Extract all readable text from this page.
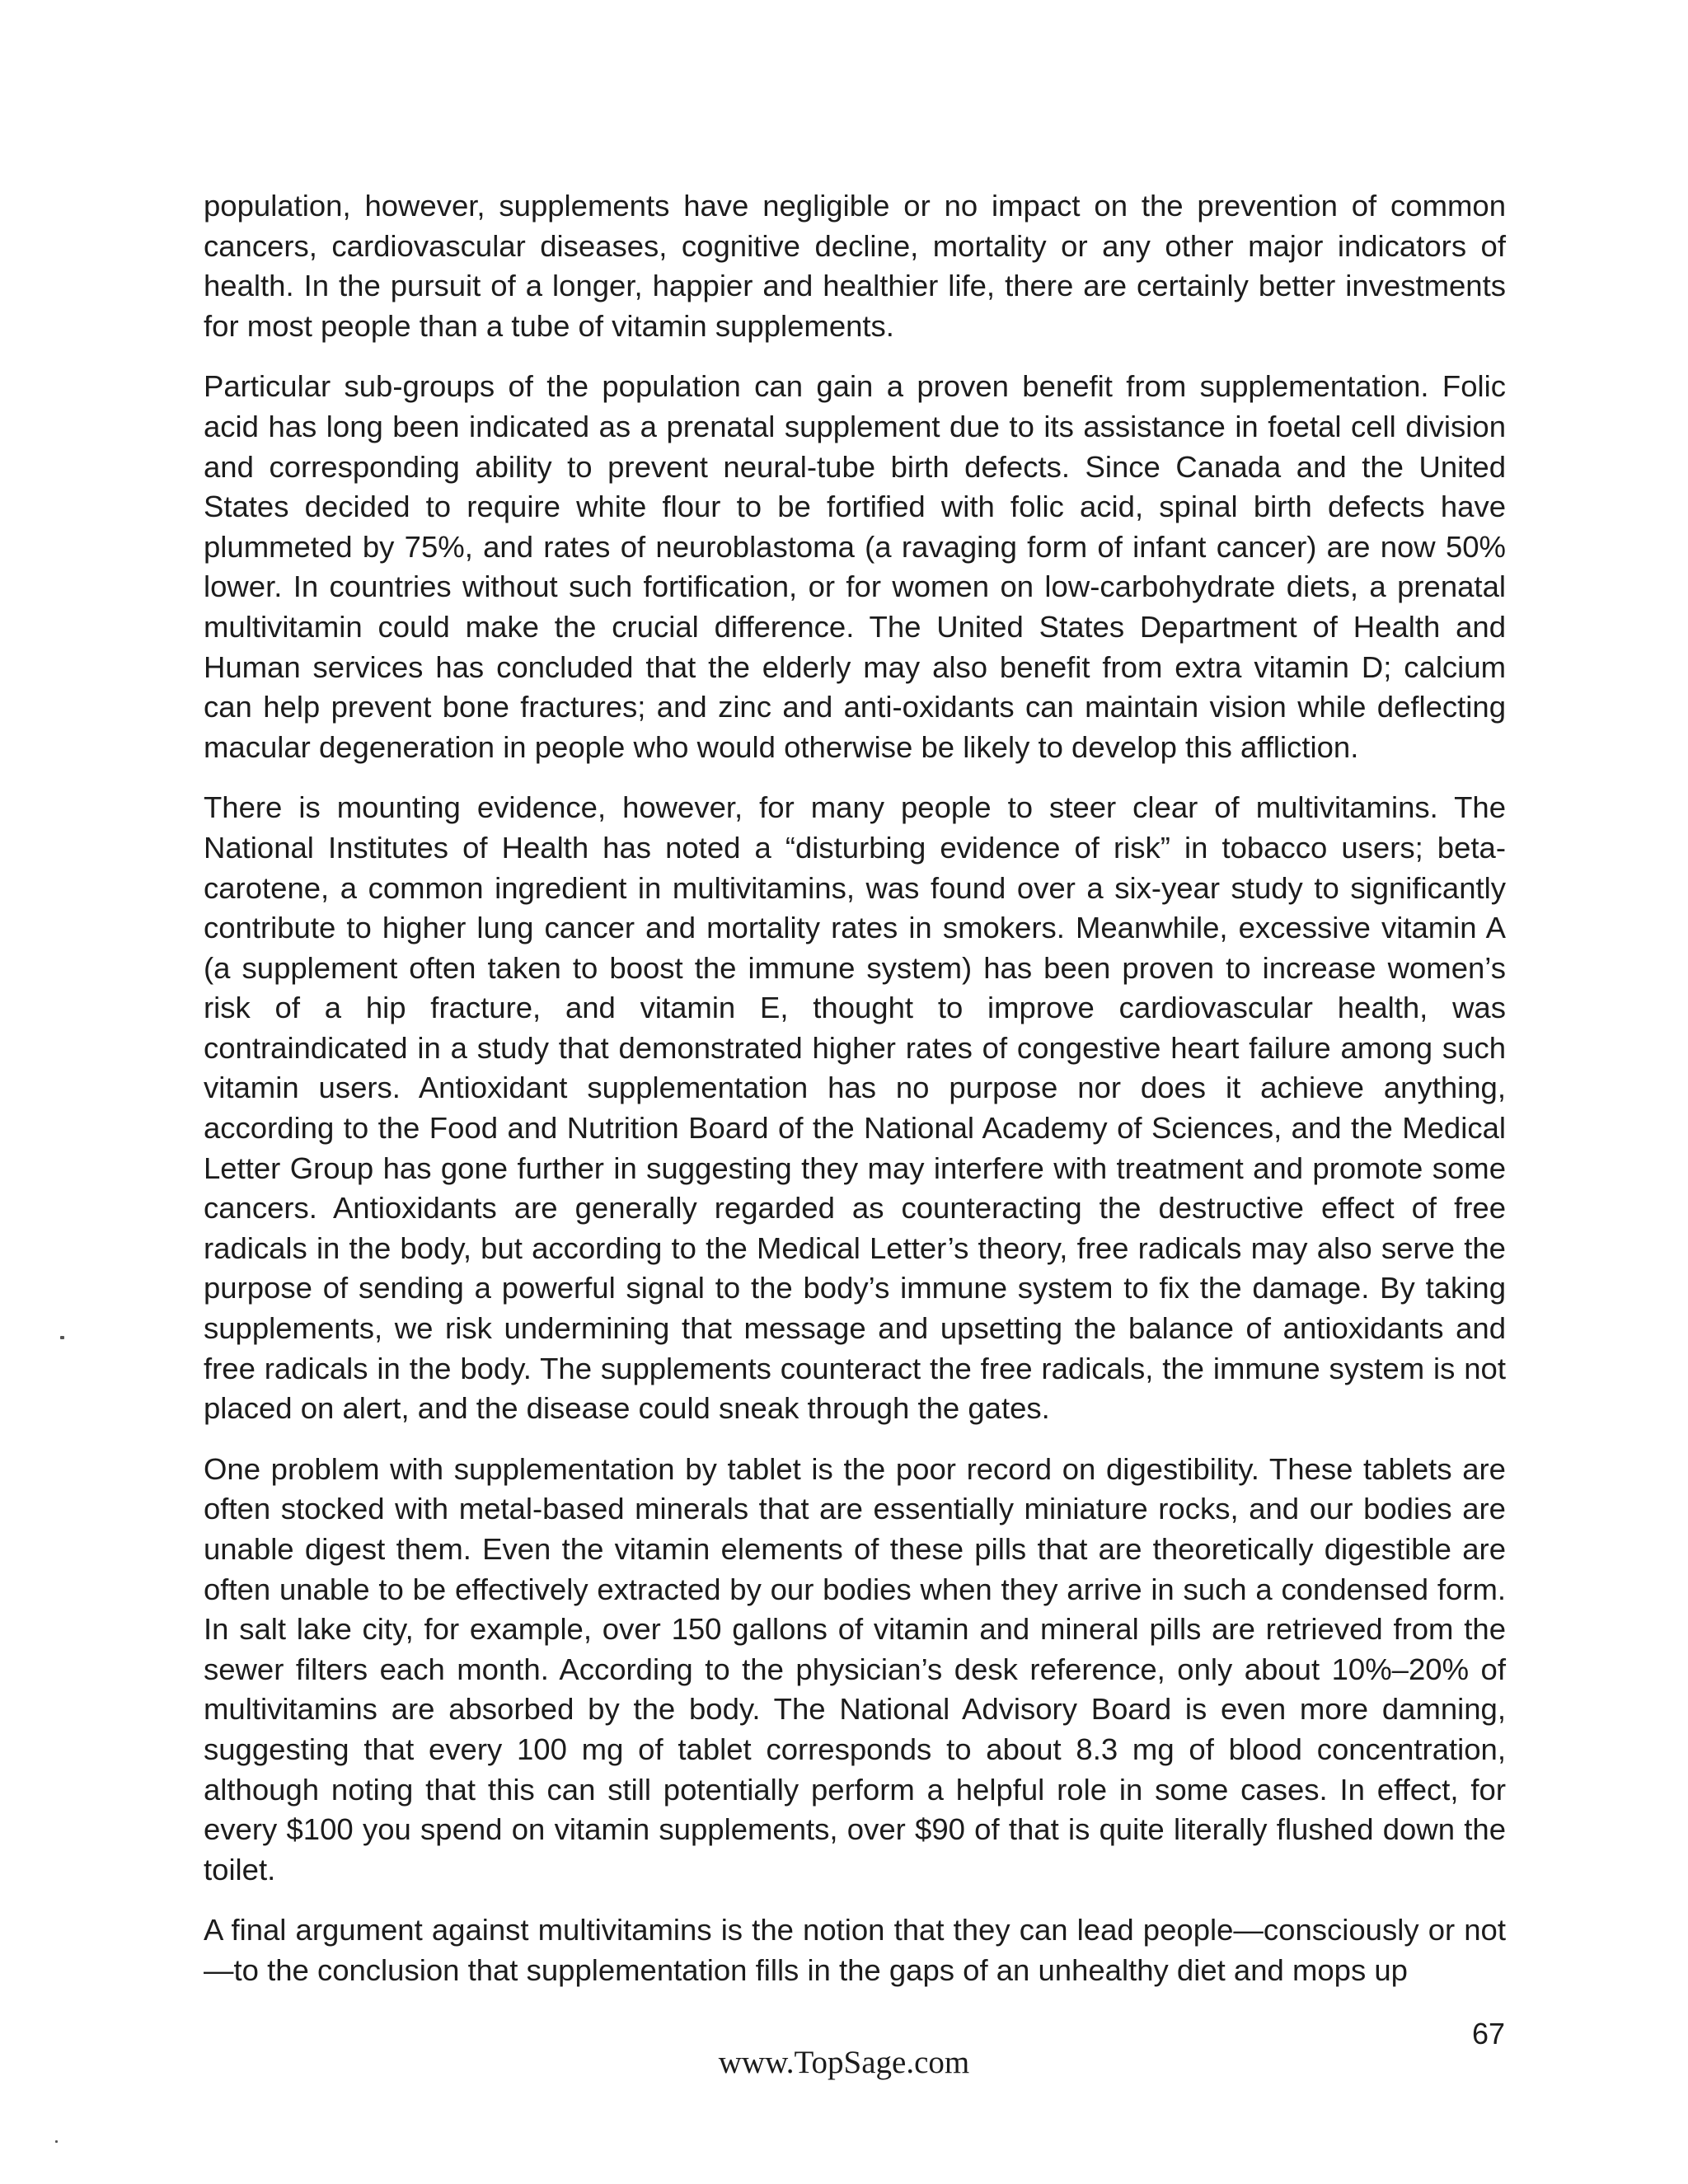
population, however, supplements have negligible or no impact on the prevention of common cancers, cardiovascular diseases, cognitive decline, mortality or any other major indicators of health. In the pursuit of a longer, happier and healthier life, there are certainly better investments for most people than a tube of vitamin supplements.

Particular sub-groups of the population can gain a proven benefit from supplementation. Folic acid has long been indicated as a prenatal supplement due to its assistance in foetal cell division and corresponding ability to prevent neural-tube birth defects. Since Canada and the United States decided to require white flour to be fortified with folic acid, spinal birth defects have plummeted by 75%, and rates of neuroblastoma (a ravaging form of infant cancer) are now 50% lower. In countries without such fortification, or for women on low-carbohydrate diets, a prenatal multivitamin could make the crucial difference. The United States Department of Health and Human services has concluded that the elderly may also benefit from extra vitamin D; calcium can help prevent bone fractures; and zinc and anti-oxidants can maintain vision while deflecting macular degeneration in people who would otherwise be likely to develop this affliction.

There is mounting evidence, however, for many people to steer clear of multivitamins. The National Institutes of Health has noted a “disturbing evidence of risk” in tobacco users; beta-carotene, a common ingredient in multivitamins, was found over a six-year study to significantly contribute to higher lung cancer and mortality rates in smokers. Meanwhile, excessive vitamin A (a supplement often taken to boost the immune system) has been proven to increase women’s risk of a hip fracture, and vitamin E, thought to improve cardiovascular health, was contraindicated in a study that demonstrated higher rates of congestive heart failure among such vitamin users. Antioxidant supplementation has no purpose nor does it achieve anything, according to the Food and Nutrition Board of the National Academy of Sciences, and the Medical Letter Group has gone further in suggesting they may interfere with treatment and promote some cancers. Antioxidants are generally regarded as counteracting the destructive effect of free radicals in the body, but according to the Medical Letter’s theory, free radicals may also serve the purpose of sending a powerful signal to the body’s immune system to fix the damage. By taking supplements, we risk undermining that message and upsetting the balance of antioxidants and free radicals in the body. The supplements counteract the free radicals, the immune system is not placed on alert, and the disease could sneak through the gates.

One problem with supplementation by tablet is the poor record on digestibility. These tablets are often stocked with metal-based minerals that are essentially miniature rocks, and our bodies are unable digest them. Even the vitamin elements of these pills that are theoretically digestible are often unable to be effectively extracted by our bodies when they arrive in such a condensed form. In salt lake city, for example, over 150 gallons of vitamin and mineral pills are retrieved from the sewer filters each month. According to the physician’s desk reference, only about 10%–20% of multivitamins are absorbed by the body. The National Advisory Board is even more damning, suggesting that every 100 mg of tablet corresponds to about 8.3 mg of blood concentration, although noting that this can still potentially perform a helpful role in some cases. In effect, for every $100 you spend on vitamin supplements, over $90 of that is quite literally flushed down the toilet.

A final argument against multivitamins is the notion that they can lead people—consciously or not—to the conclusion that supplementation fills in the gaps of an unhealthy diet and mops up

67
www.TopSage.com
